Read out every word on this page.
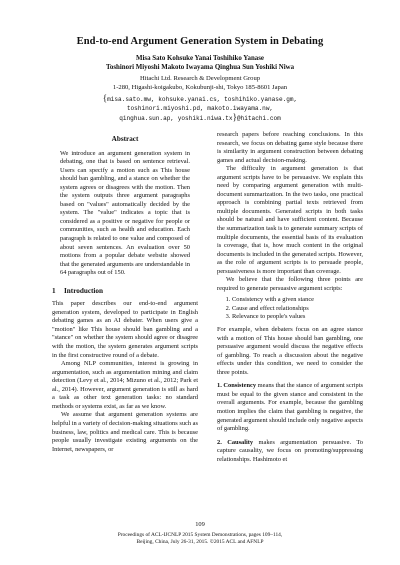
End-to-end Argument Generation System in Debating
Misa Sato Kohsuke Yanai Toshihiko Yanase
Toshinori Miyoshi Makoto Iwayama Qinghua Sun Yoshiki Niwa
Hitachi Ltd. Research & Development Group
1-280, Higashi-koigakubo, Kokubunji-shi, Tokyo 185-8601 Japan
{misa.sato.mw, kohsuke.yanai.cs, toshihiko.yanase.gm,
toshinori.miyoshi.pd, makoto.iwayama.nw,
qinghua.sun.ap, yoshiki.niwa.tx}@hitachi.com
Abstract

We introduce an argument generation system in debating, one that is based on sentence retrieval. Users can specify a motion such as This house should ban gambling, and a stance on whether the system agrees or disagrees with the motion. Then the system outputs three argument paragraphs based on "values" automatically decided by the system. The "value" indicates a topic that is considered as a positive or negative for people or communities, such as health and education. Each paragraph is related to one value and composed of about seven sentences. An evaluation over 50 motions from a popular debate website showed that the generated arguments are understandable in 64 paragraphs out of 150.

1 Introduction

This paper describes our end-to-end argument generation system, developed to participate in English debating games as an AI debater. When users give a "motion" like This house should ban gambling and a "stance" on whether the system should agree or disagree with the motion, the system generates argument scripts in the first constructive round of a debate.

Among NLP communities, interest is growing in argumentation, such as argumentation mining and claim detection (Levy et al., 2014; Mizuno et al., 2012; Park et al., 2014). However, argument generation is still as hard a task as other text generation tasks: no standard methods or systems exist, as far as we know.

We assume that argument generation systems are helpful in a variety of decision-making situations such as business, law, politics and medical care. This is because people usually investigate existing arguments on the Internet, newspapers, or

research papers before reaching conclusions. In this research, we focus on debating game style because there is similarity in argument construction between debating games and actual decision-making.

The difficulty in argument generation is that argument scripts have to be persuasive. We explain this need by comparing argument generation with multi-document summarization. In the two tasks, one practical approach is combining partial texts retrieved from multiple documents. Generated scripts in both tasks should be natural and have sufficient content. Because the summarization task is to generate summary scripts of multiple documents, the essential basis of its evaluation is coverage, that is, how much content in the original documents is included in the generated scripts. However, as the role of argument scripts is to persuade people, persuasiveness is more important than coverage.

We believe that the following three points are required to generate persuasive argument scripts:

1. Consistency with a given stance
2. Cause and effect relationships
3. Relevance to people's values

For example, when debaters focus on an agree stance with a motion of This house should ban gambling, one persuasive argument would discuss the negative effects of gambling. To reach a discussion about the negative effects under this condition, we need to consider the three points.

1. Consistency means that the stance of argument scripts must be equal to the given stance and consistent in the overall arguments. For example, because the gambling motion implies the claim that gambling is negative, the generated argument should include only negative aspects of gambling.

2. Causality makes argumentation persuasive. To capture causality, we focus on promoting/suppressing relationships. Hashimoto et

109
Proceedings of ACL-IJCNLP 2015 System Demonstrations, pages 109–114,
Beijing, China, July 26-31, 2015. ©2015 ACL and AFNLP
